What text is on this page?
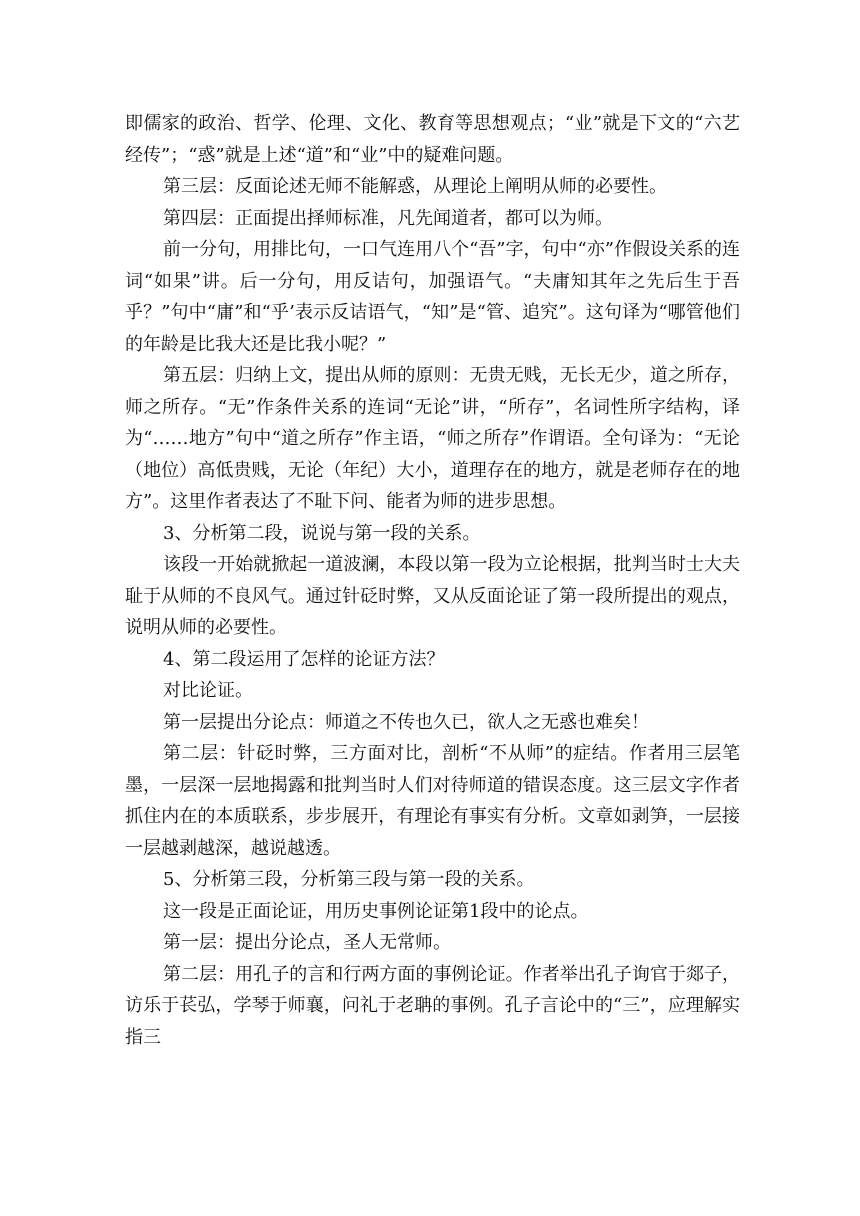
即儒家的政治、哲学、伦理、文化、教育等思想观点；“业”就是下文的“六艺经传”；“惑”就是上述“道”和“业”中的疑难问题。

第三层：反面论述无师不能解惑，从理论上阐明从师的必要性。

第四层：正面提出择师标准，凡先闻道者，都可以为师。

前一分句，用排比句，一口气连用八个“吾”字，句中“亦”作假设关系的连词“如果”讲。后一分句，用反诘句，加强语气。“夫庸知其年之先后生于吾乎？”句中“庸”和“乎’表示反诘语气，“知”是“管、追究”。这句译为“哪管他们的年龄是比我大还是比我小呢？”

第五层：归纳上文，提出从师的原则：无贵无贱，无长无少，道之所存，师之所存。“无”作条件关系的连词“无论”讲，“所存”，名词性所字结构，译为“……地方”句中“道之所存”作主语，“师之所存”作谓语。全句译为：“无论（地位）高低贵贱，无论（年纪）大小，道理存在的地方，就是老师存在的地方”。这里作者表达了不耻下问、能者为师的进步思想。

3、分析第二段，说说与第一段的关系。

该段一开始就掀起一道波澜，本段以第一段为立论根据，批判当时士大夫耻于从师的不良风气。通过针砭时弊，又从反面论证了第一段所提出的观点，说明从师的必要性。

4、第二段运用了怎样的论证方法？

对比论证。

第一层提出分论点：师道之不传也久已，欲人之无惑也难矣！

第二层：针砭时弊，三方面对比，剖析“不从师”的症结。作者用三层笔墨，一层深一层地揭露和批判当时人们对待师道的错误态度。这三层文字作者抓住内在的本质联系，步步展开，有理论有事实有分析。文章如剥笋，一层接一层越剥越深，越说越透。

5、分析第三段，分析第三段与第一段的关系。

这一段是正面论证，用历史事例论证第1段中的论点。

第一层：提出分论点，圣人无常师。

第二层：用孔子的言和行两方面的事例论证。作者举出孔子询官于郯子，访乐于苌弘，学琴于师襄，问礼于老聃的事例。孔子言论中的“三”，应理解实指三
